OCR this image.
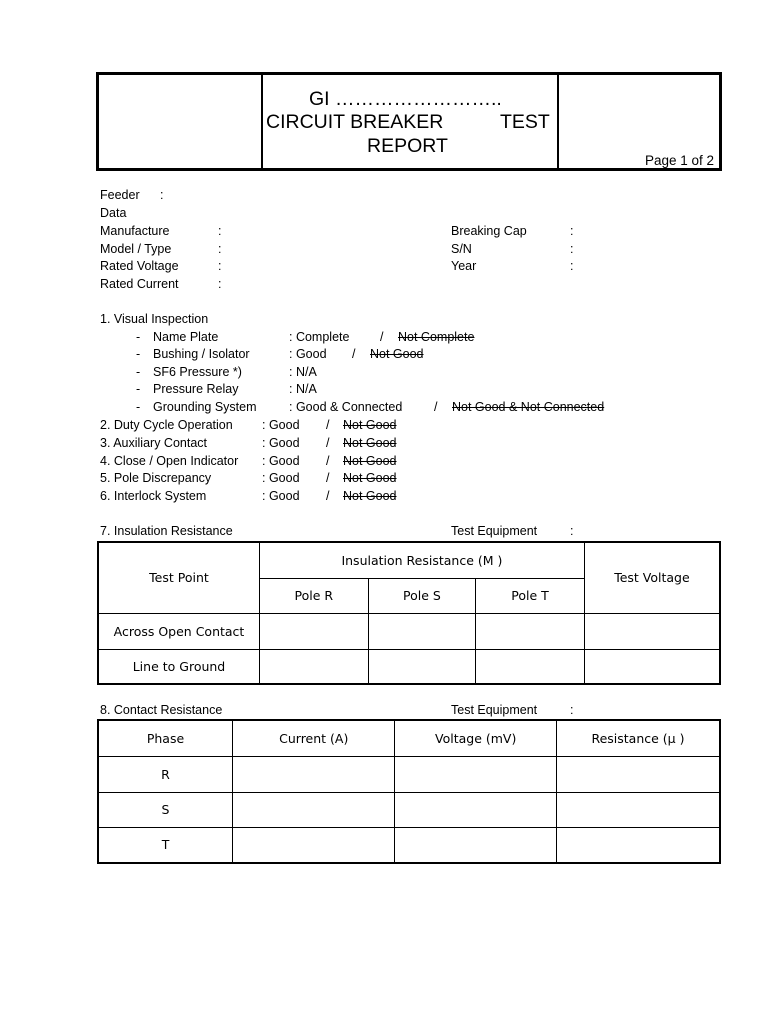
GI ……………………..
CIRCUIT BREAKER	TEST
REPORT
Page 1 of 2
Feeder :
Data
Manufacture	:
Model / Type	:
Rated Voltage	:
Rated Current	:
Breaking Cap	:
S/N	:
Year	:
1. Visual Inspection
- Name Plate	: Complete / Not Complete
- Bushing / Isolator	: Good / Not Good
- SF6 Pressure *)	: N/A
- Pressure Relay	: N/A
- Grounding System	: Good & Connected	/ Not Good & Not Connected
2. Duty Cycle Operation : Good / Not Good
3. Auxiliary Contact	: Good / Not Good
4. Close / Open Indicator : Good / Not Good
5. Pole Discrepancy	: Good / Not Good
6. Interlock System	: Good / Not Good
7. Insulation Resistance	Test Equipment	:
Test Point	Insulation Resistance (M )			Test Voltage
	Pole R	Pole S	Pole T	
Across Open Contact				
Line to Ground				
8. Contact Resistance	Test Equipment	:
Phase	Current (A)	Voltage (mV)	Resistance (µ )
R			
S			
T			
